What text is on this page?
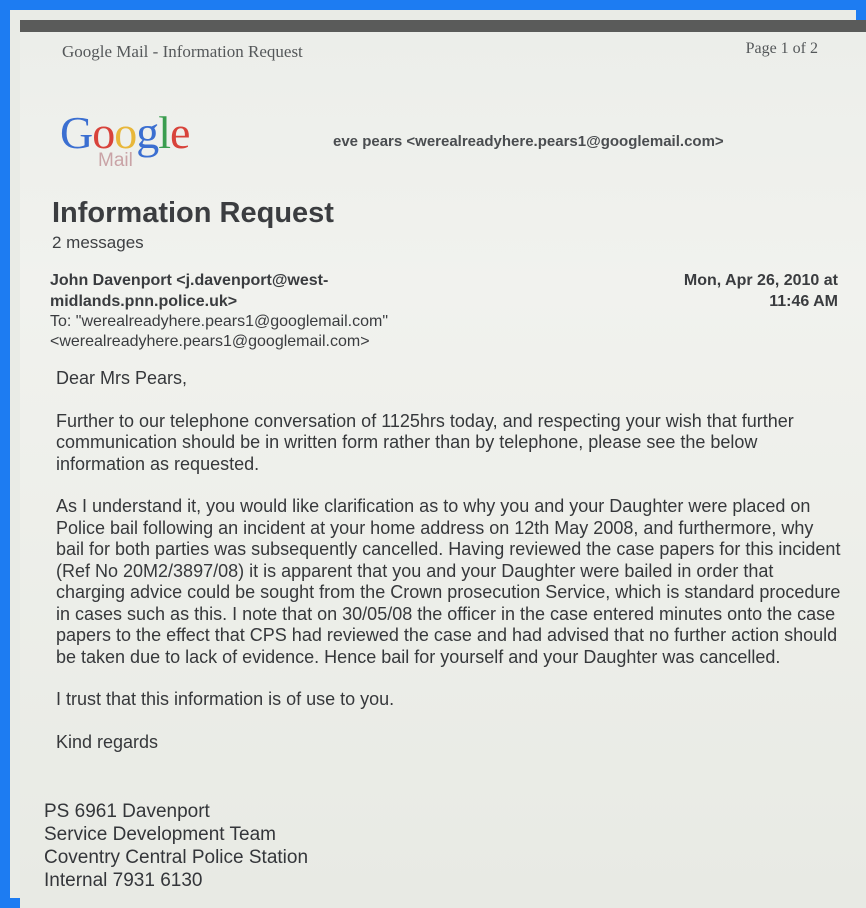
Google Mail - Information Request	Page 1 of 2
Google
Mail
eve pears <werealreadyhere.pears1@googlemail.com>
Information Request
2 messages
John Davenport <j.davenport@west-
midlands.pnn.police.uk>
Mon, Apr 26, 2010 at
11:46 AM
To: "werealreadyhere.pears1@googlemail.com"
<werealreadyhere.pears1@googlemail.com>

Dear Mrs Pears,

Further to our telephone conversation of 1125hrs today, and respecting your wish that further communication should be in written form rather than by telephone, please see the below information as requested.

As I understand it, you would like clarification as to why you and your Daughter were placed on Police bail following an incident at your home address on 12th May 2008, and furthermore, why bail for both parties was subsequently cancelled. Having reviewed the case papers for this incident (Ref No 20M2/3897/08) it is apparent that you and your Daughter were bailed in order that charging advice could be sought from the Crown prosecution Service, which is standard procedure in cases such as this. I note that on 30/05/08 the officer in the case entered minutes onto the case papers to the effect that CPS had reviewed the case and had advised that no further action should be taken due to lack of evidence. Hence bail for yourself and your Daughter was cancelled.

I trust that this information is of use to you.

Kind regards

PS 6961 Davenport
Service Development Team
Coventry Central Police Station
Internal 7931 6130
